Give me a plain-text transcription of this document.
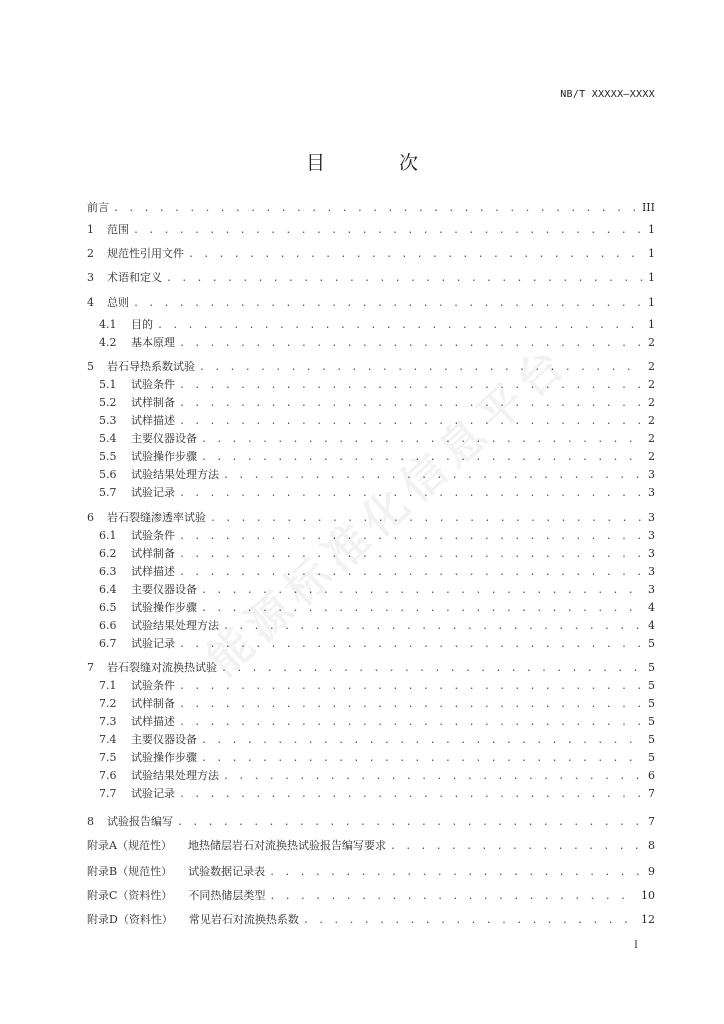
NB/T XXXXX—XXXX
目 次
能源标准化信息平台
前言 . . .	III
1	范围 . . .	1
2	规范性引用文件 . . .	1
3	术语和定义 . . .	1
4	总则 . . .	1
4.1	目的 . . .	1
4.2	基本原理 . . .	2
5	岩石导热系数试验 . . .	2
5.1	试验条件 . . .	2
5.2	试样制备 . . .	2
5.3	试样描述 . . .	2
5.4	主要仪器设备 . . .	2
5.5	试验操作步骤 . . .	2
5.6	试验结果处理方法 . . .	3
5.7	试验记录 . . .	3
6	岩石裂缝渗透率试验 . . .	3
6.1	试验条件 . . .	3
6.2	试样制备 . . .	3
6.3	试样描述 . . .	3
6.4	主要仪器设备 . . .	3
6.5	试验操作步骤 . . .	4
6.6	试验结果处理方法 . . .	4
6.7	试验记录 . . .	5
7	岩石裂缝对流换热试验 . . .	5
7.1	试验条件 . . .	5
7.2	试样制备 . . .	5
7.3	试样描述 . . .	5
7.4	主要仪器设备 . . .	5
7.5	试验操作步骤 . . .	5
7.6	试验结果处理方法 . . .	6
7.7	试验记录 . . .	7
8	试验报告编写 . . .	7
附录A（规范性） 地热储层岩石对流换热试验报告编写要求 . . .	8
附录B（规范性） 试验数据记录表 . . .	9
附录C（资料性） 不同热储层类型 . . .	10
附录D（资料性） 常见岩石对流换热系数 . . .	12
I
